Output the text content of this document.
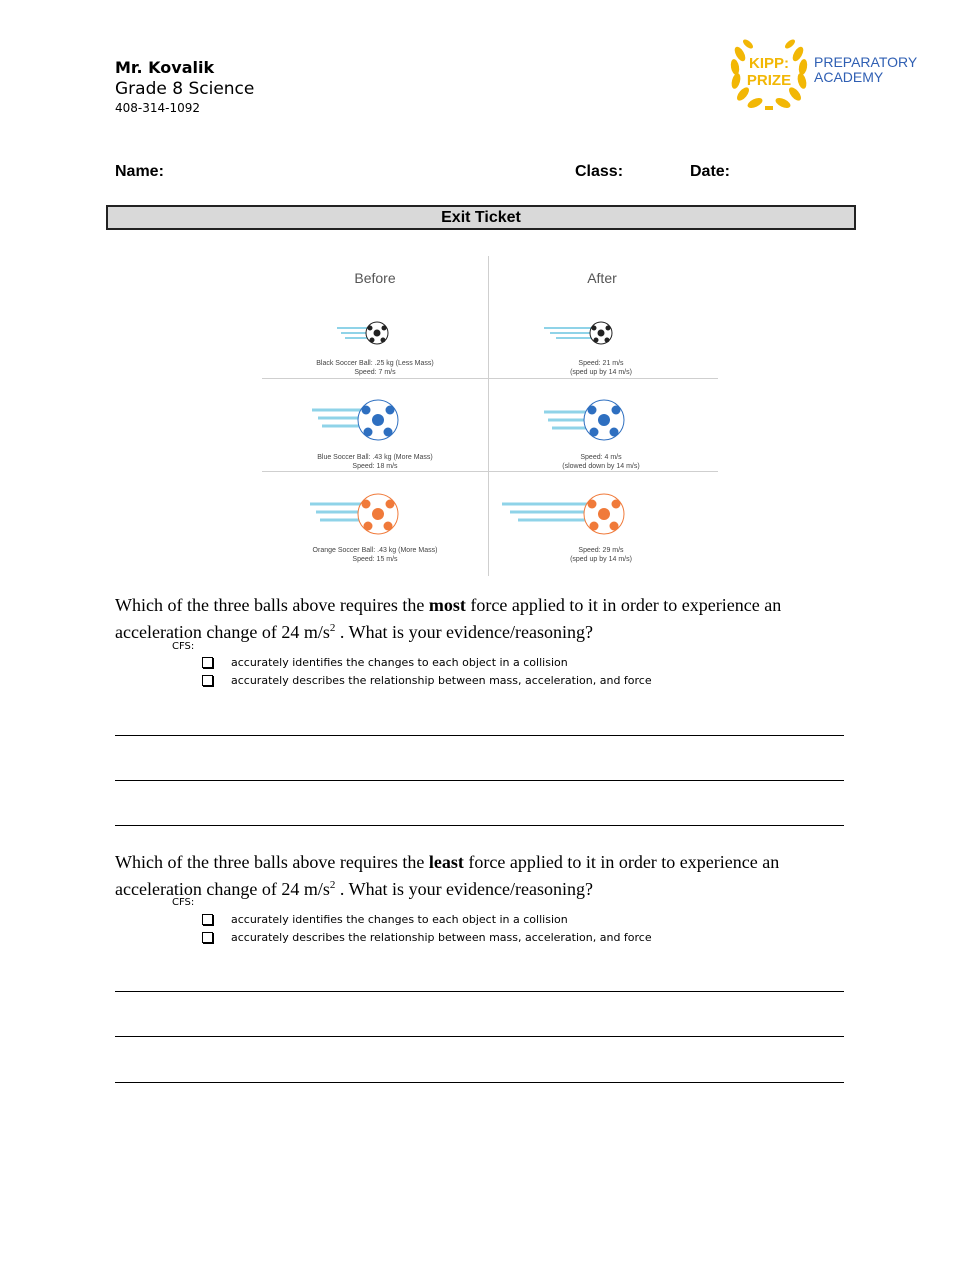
Mr. Kovalik
Grade 8 Science
408-314-1092
KIPP:
PRIZE
PREPARATORY
ACADEMY
Name:	Class:	Date:
Exit Ticket
Before	After
Black Soccer Ball: .25 kg (Less Mass)
Speed: 7 m/s
Speed: 21 m/s
(sped up by 14 m/s)
Blue Soccer Ball: .43 kg (More Mass)
Speed: 18 m/s
Speed: 4 m/s
(slowed down by 14 m/s)
Orange Soccer Ball: .43 kg (More Mass)
Speed: 15 m/s
Speed: 29 m/s
(sped up by 14 m/s)
Which of the three balls above requires the most force applied to it in order to experience an acceleration change of 24 $m/s^2$ . What is your evidence/reasoning?
CFS:
accurately identifies the changes to each object in a collision
accurately describes the relationship between mass, acceleration, and force
Which of the three balls above requires the least force applied to it in order to experience an acceleration change of 24 $m/s^2$ . What is your evidence/reasoning?
CFS:
accurately identifies the changes to each object in a collision
accurately describes the relationship between mass, acceleration, and force
